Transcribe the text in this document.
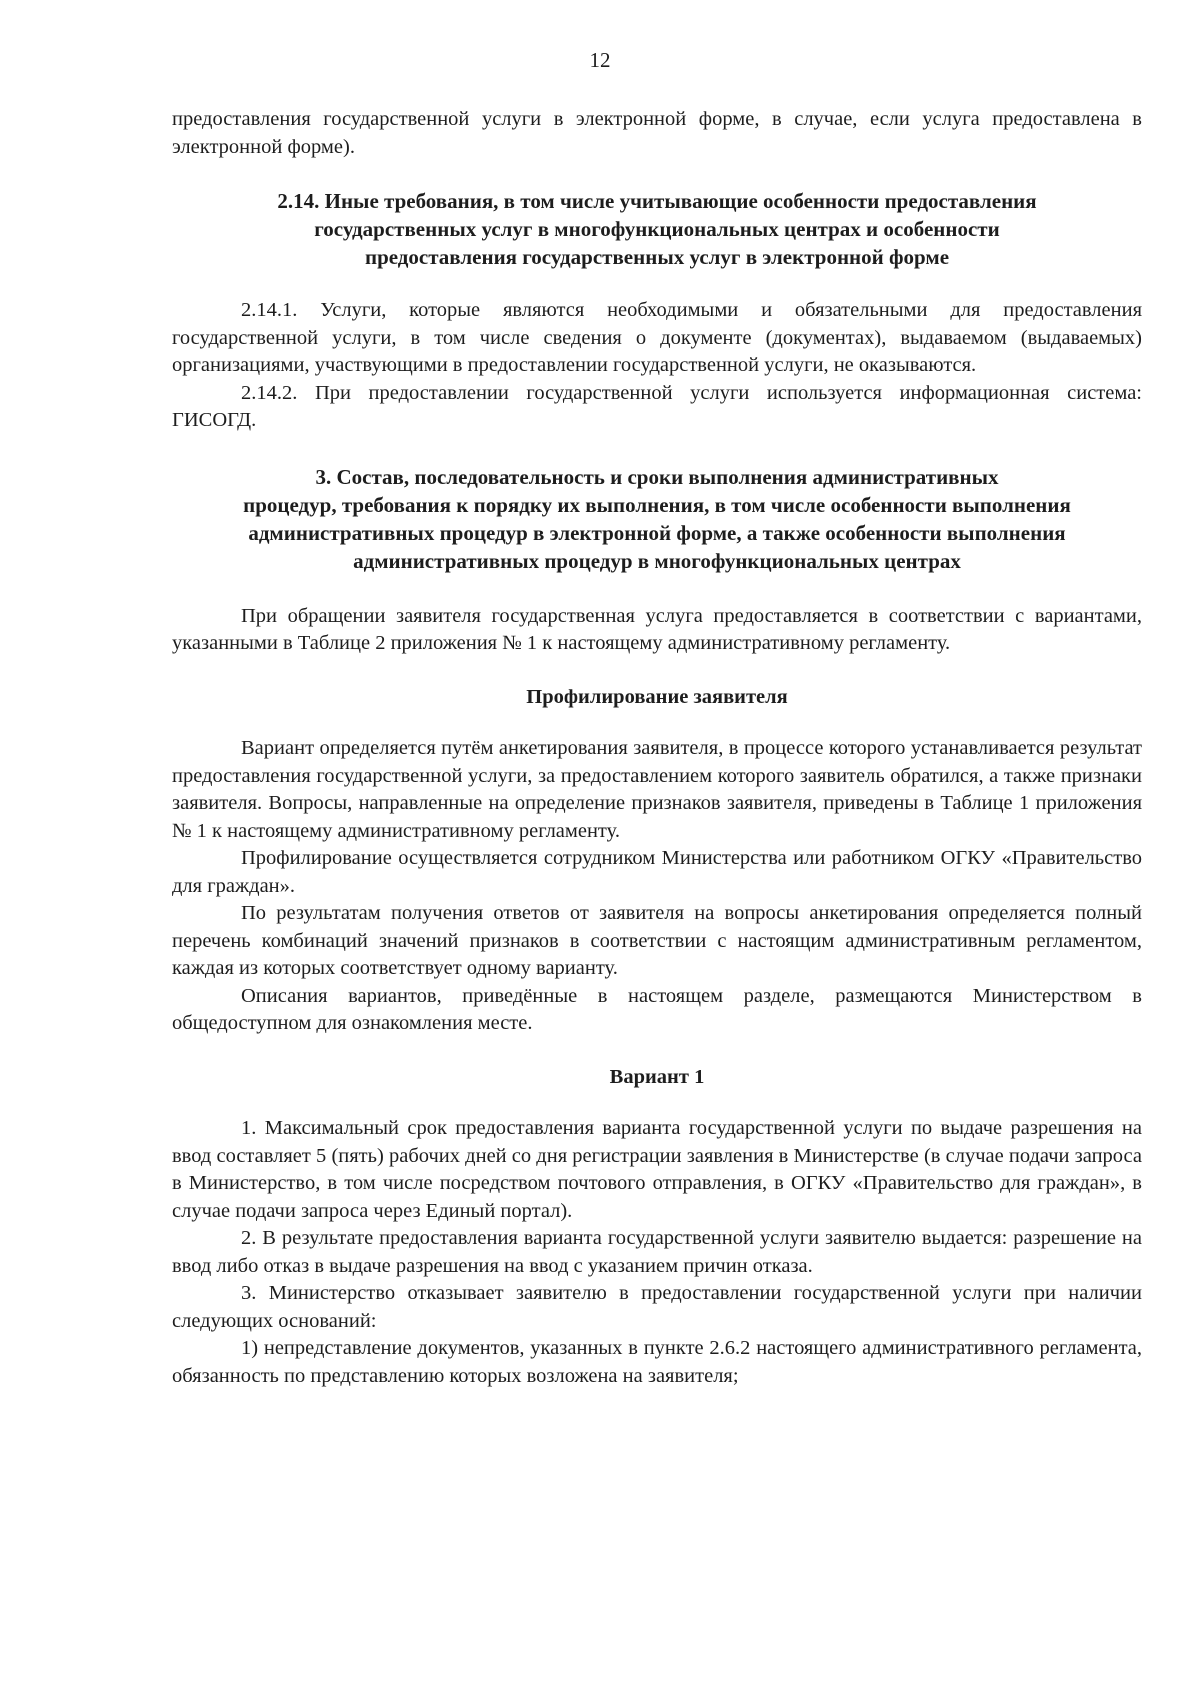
12

предоставления государственной услуги в электронной форме, в случае, если услуга предоставлена в электронной форме).

2.14. Иные требования, в том числе учитывающие особенности предоставления
государственных услуг в многофункциональных центрах и особенности
предоставления государственных услуг в электронной форме

2.14.1. Услуги, которые являются необходимыми и обязательными для предоставления государственной услуги, в том числе сведения о документе (документах), выдаваемом (выдаваемых) организациями, участвующими в предоставлении государственной услуги, не оказываются.

2.14.2. При предоставлении государственной услуги используется информационная система: ГИСОГД.

3. Состав, последовательность и сроки выполнения административных
процедур, требования к порядку их выполнения, в том числе особенности выполнения
административных процедур в электронной форме, а также особенности выполнения
административных процедур в многофункциональных центрах

При обращении заявителя государственная услуга предоставляется в соответствии с вариантами, указанными в Таблице 2 приложения № 1 к настоящему административному регламенту.

Профилирование заявителя

Вариант определяется путём анкетирования заявителя, в процессе которого устанавливается результат предоставления государственной услуги, за предоставлением которого заявитель обратился, а также признаки заявителя. Вопросы, направленные на определение признаков заявителя, приведены в Таблице 1 приложения № 1 к настоящему административному регламенту.

Профилирование осуществляется сотрудником Министерства или работником ОГКУ «Правительство для граждан».

По результатам получения ответов от заявителя на вопросы анкетирования определяется полный перечень комбинаций значений признаков в соответствии с настоящим административным регламентом, каждая из которых соответствует одному варианту.

Описания вариантов, приведённые в настоящем разделе, размещаются Министерством в общедоступном для ознакомления месте.

Вариант 1

1. Максимальный срок предоставления варианта государственной услуги по выдаче разрешения на ввод составляет 5 (пять) рабочих дней со дня регистрации заявления в Министерстве (в случае подачи запроса в Министерство, в том числе посредством почтового отправления, в ОГКУ «Правительство для граждан», в случае подачи запроса через Единый портал).

2. В результате предоставления варианта государственной услуги заявителю выдается: разрешение на ввод либо отказ в выдаче разрешения на ввод с указанием причин отказа.

3. Министерство отказывает заявителю в предоставлении государственной услуги при наличии следующих оснований:

1) непредставление документов, указанных в пункте 2.6.2 настоящего административного регламента, обязанность по представлению которых возложена на заявителя;
